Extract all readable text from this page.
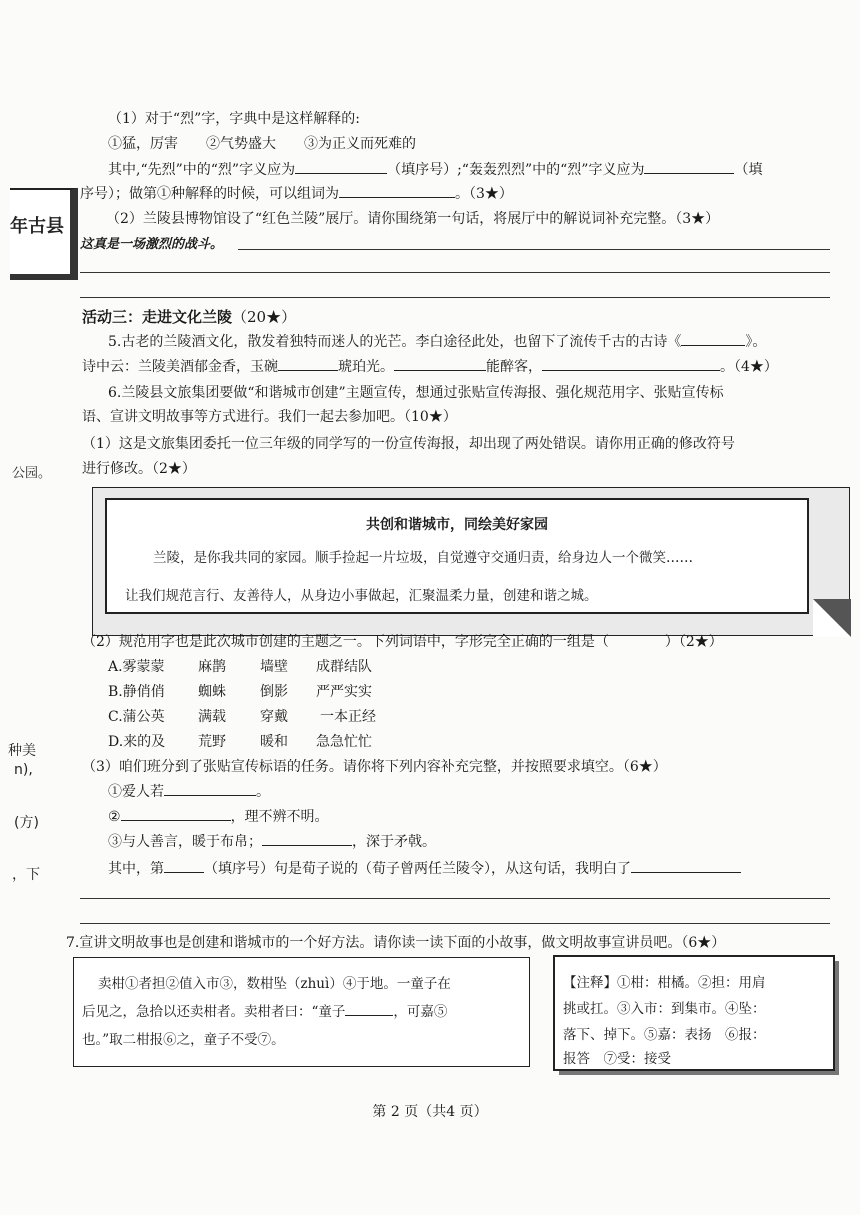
年古县
公园。
种美
n),
(方)
，下
（1）对于“烈”字，字典中是这样解释的:
①猛，厉害　　②气势盛大　　③为正义而死难的
其中,“先烈”中的“烈”字义应为	（填序号）;“轰轰烈烈”中的“烈”字义应为	（填
序号）；做第①种解释的时候，可以组词为	。（3★）
（2）兰陵县博物馆设了“红色兰陵”展厅。请你围绕第一句话，将展厅中的解说词补充完整。（3★）
这真是一场激烈的战斗。
活动三：走进文化兰陵（20★）
5.古老的兰陵酒文化，散发着独特而迷人的光芒。李白途径此处，也留下了流传千古的古诗《	》。
诗中云：兰陵美酒郁金香，玉碗	琥珀光。	能醉客，	。（4★）
6.兰陵县文旅集团要做“和谐城市创建”主题宣传，想通过张贴宣传海报、强化规范用字、张贴宣传标
语、宣讲文明故事等方式进行。我们一起去参加吧。（10★）
（1）这是文旅集团委托一位三年级的同学写的一份宣传海报，却出现了两处错误。请你用正确的修改符号
进行修改。（2★）
共创和谐城市，同绘美好家园
兰陵，是你我共同的家园。顺手捡起一片垃圾，自觉遵守交通归责，给身边人一个微笑……
让我们规范言行、友善待人，从身边小事做起，汇聚温柔力量，创建和谐之城。
（2）规范用字也是此次城市创建的主题之一。下列词语中，字形完全正确的一组是（　　　　）（2★）
A.雾蒙蒙 麻鹊 墙壁 成群结队
B.静俏俏 蜘蛛 倒影 严严实实
C.蒲公英 满载 穿戴 一本正经
D.来的及 荒野 暖和 急急忙忙
（3）咱们班分到了张贴宣传标语的任务。请你将下列内容补充完整，并按照要求填空。（6★）
①爱人若	。
②	，理不辨不明。
③与人善言，暖于布帛；	，深于矛戟。
其中，第	（填序号）句是荀子说的（荀子曾两任兰陵令），从这句话，我明白了
7.宣讲文明故事也是创建和谐城市的一个好方法。请你读一读下面的小故事，做文明故事宣讲员吧。（6★）
卖柑①者担②值入市③，数柑坠（zhuì）④于地。一童子在
后见之，急拾以还卖柑者。卖柑者曰：“童子	，可嘉⑤
也。”取二柑报⑥之，童子不受⑦。
【注释】①柑：柑橘。②担：用肩
挑或扛。③入市：到集市。④坠：
落下、掉下。⑤嘉：表扬　⑥报：
报答　⑦受：接受
第 2 页（共4 页）
